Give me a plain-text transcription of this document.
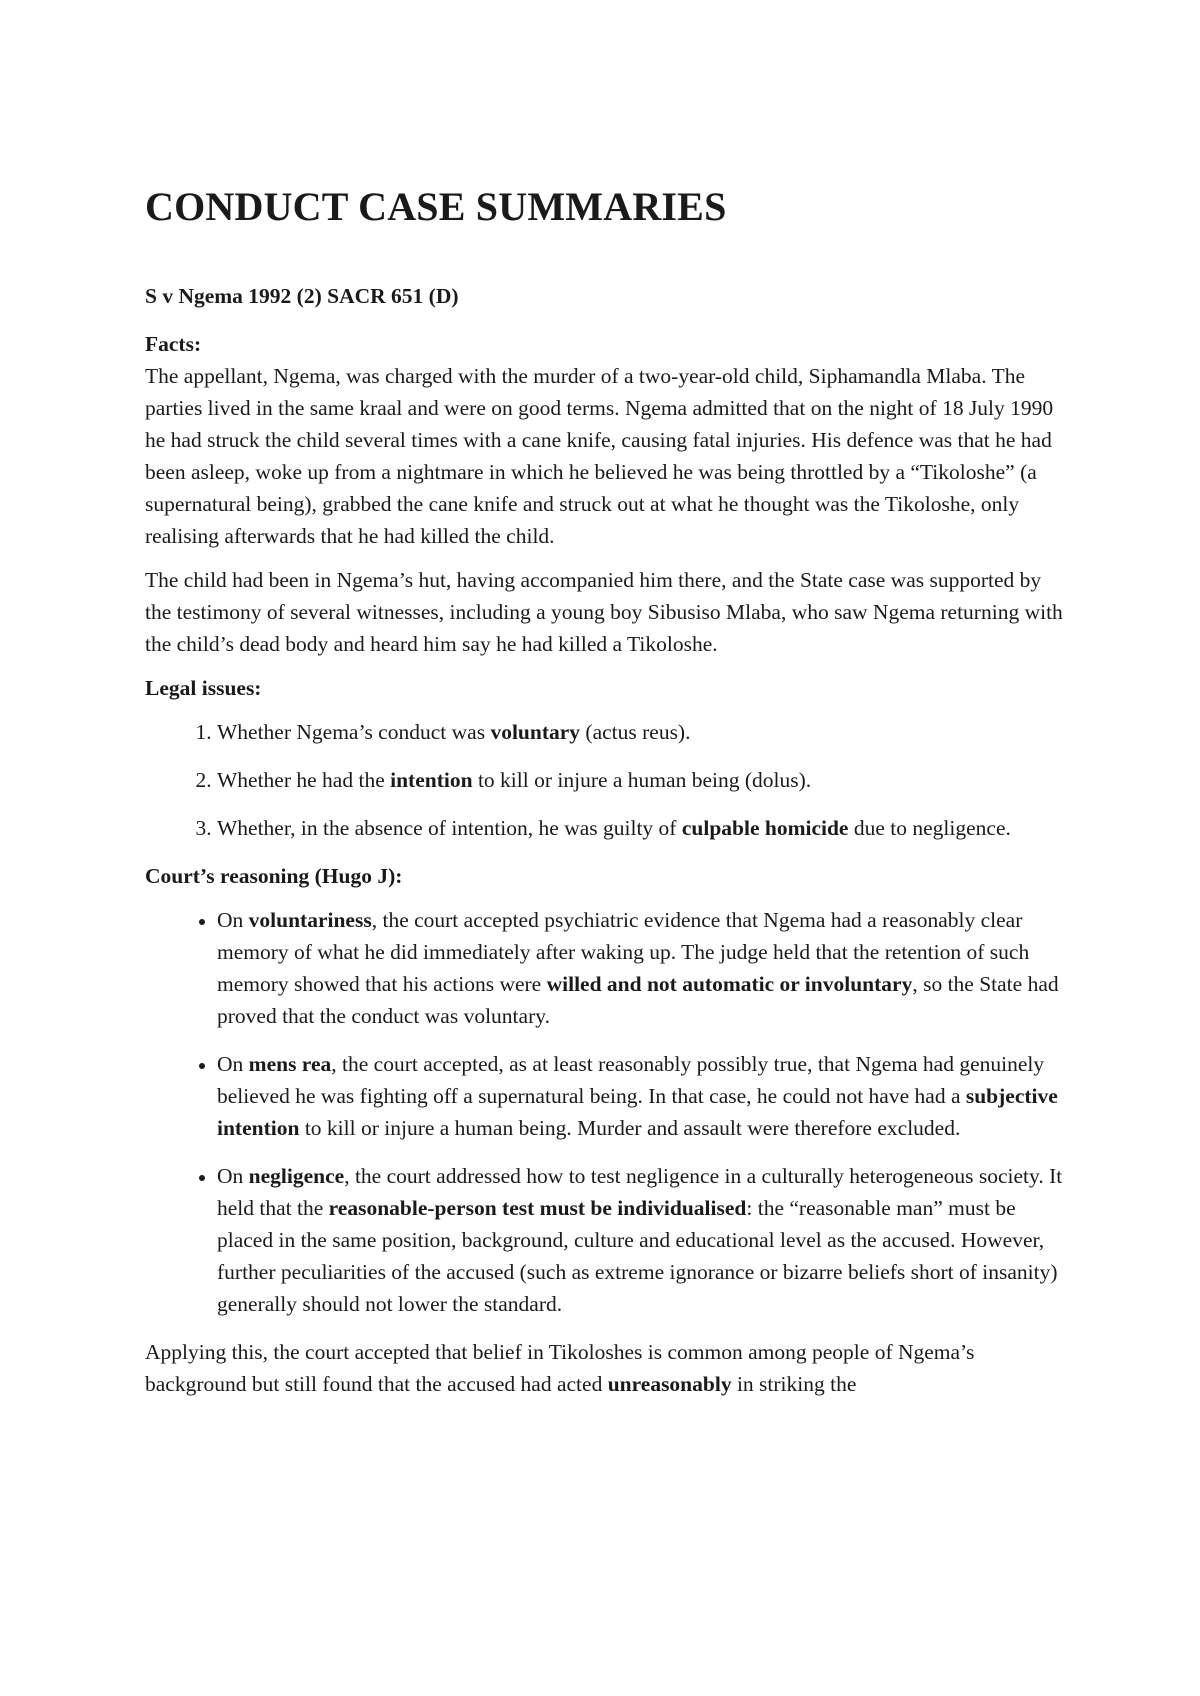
CONDUCT CASE SUMMARIES

S v Ngema 1992 (2) SACR 651 (D)

Facts:

The appellant, Ngema, was charged with the murder of a two-year-old child, Siphamandla Mlaba. The parties lived in the same kraal and were on good terms. Ngema admitted that on the night of 18 July 1990 he had struck the child several times with a cane knife, causing fatal injuries. His defence was that he had been asleep, woke up from a nightmare in which he believed he was being throttled by a “Tikoloshe” (a supernatural being), grabbed the cane knife and struck out at what he thought was the Tikoloshe, only realising afterwards that he had killed the child.

The child had been in Ngema’s hut, having accompanied him there, and the State case was supported by the testimony of several witnesses, including a young boy Sibusiso Mlaba, who saw Ngema returning with the child’s dead body and heard him say he had killed a Tikoloshe.

Legal issues:

1. Whether Ngema’s conduct was voluntary (actus reus).
2. Whether he had the intention to kill or injure a human being (dolus).
3. Whether, in the absence of intention, he was guilty of culpable homicide due to negligence.

Court’s reasoning (Hugo J):

• On voluntariness, the court accepted psychiatric evidence that Ngema had a reasonably clear memory of what he did immediately after waking up. The judge held that the retention of such memory showed that his actions were willed and not automatic or involuntary, so the State had proved that the conduct was voluntary.
• On mens rea, the court accepted, as at least reasonably possibly true, that Ngema had genuinely believed he was fighting off a supernatural being. In that case, he could not have had a subjective intention to kill or injure a human being. Murder and assault were therefore excluded.
• On negligence, the court addressed how to test negligence in a culturally heterogeneous society. It held that the reasonable-person test must be individualised: the “reasonable man” must be placed in the same position, background, culture and educational level as the accused. However, further peculiarities of the accused (such as extreme ignorance or bizarre beliefs short of insanity) generally should not lower the standard.

Applying this, the court accepted that belief in Tikoloshes is common among people of Ngema’s background but still found that the accused had acted unreasonably in striking the
